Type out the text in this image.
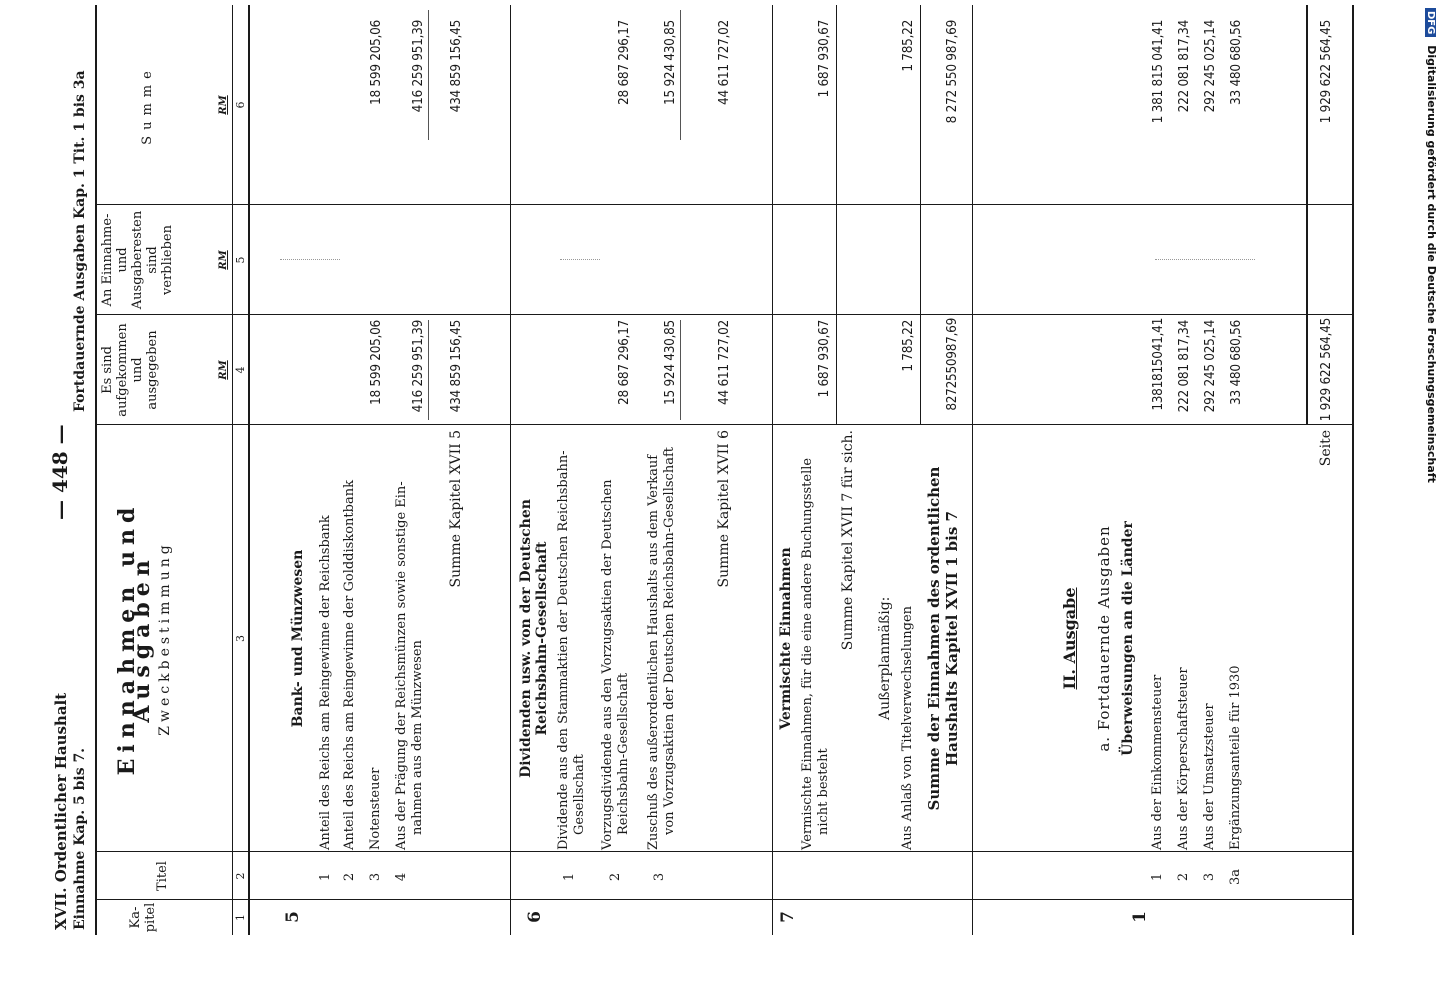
XVII. Ordentlicher Haushalt Einnahme Kap. 5 bis 7.
— 448 —
Fortdauernde Ausgaben Kap. 1 Tit. 1 bis 3a
Ka-pitel
Titel
Einnahmen und Ausgaben Zweckbestimmung
Es sind aufgekommen und ausgegeben
An Einnahme- und Ausgaberesten sind verblieben
Summe
RM
RM
RM
1
2
3
4
5
6
5
Bank- und Münzwesen
1
Anteil des Reichs am Reingewinne der Reichsbank
2
Anteil des Reichs am Reingewinne der Golddiskontbank
3
Notensteuer
18 599 205,06
18 599 205,06
4
Aus der Prägung der Reichsmünzen sowie sonstige Ein- nahmen aus dem Münzwesen
416 259 951,39
416 259 951,39
Summe Kapitel XVII 5
434 859 156,45
434 859 156,45
6
Dividenden usw. von der Deutschen Reichsbahn-Gesellschaft
1
Dividende aus den Stammaktien der Deutschen Reichsbahn- Gesellschaft
2
Vorzugsdividende aus den Vorzugsaktien der Deutschen Reichsbahn-Gesellschaft
28 687 296,17
28 687 296,17
3
Zuschuß des außerordentlichen Haushalts aus dem Verkauf von Vorzugsaktien der Deutschen Reichsbahn-Gesellschaft
15 924 430,85
15 924 430,85
Summe Kapitel XVII 6
44 611 727,02
44 611 727,02
7
Vermischte Einnahmen Vermischte Einnahmen, für die eine andere Buchungsstelle nicht besteht
1 687 930,67
1 687 930,67
Summe Kapitel XVII 7 für sich.
Außerplanmäßig: Aus Anlaß von Titelverwechselungen
1 785,22
1 785,22
Summe der Einnahmen des ordentlichen Haushalts Kapitel XVII 1 bis 7
8272550987,69
8 272 550 987,69
1
II. Ausgabe a. Fortdauernde Ausgaben Überweisungen an die Länder
1
Aus der Einkommensteuer
1381815041,41
1 381 815 041,41
2
Aus der Körperschaftsteuer
222 081 817,34
222 081 817,34
3
Aus der Umsatzsteuer
292 245 025,14
292 245 025,14
3a
Ergänzungsanteile für 1930
33 480 680,56
33 480 680,56
Seite
1 929 622 564,45
1 929 622 564,45	DFG Digitalisierung gefördert durch die Deutsche Forschungsgemeinschaft
